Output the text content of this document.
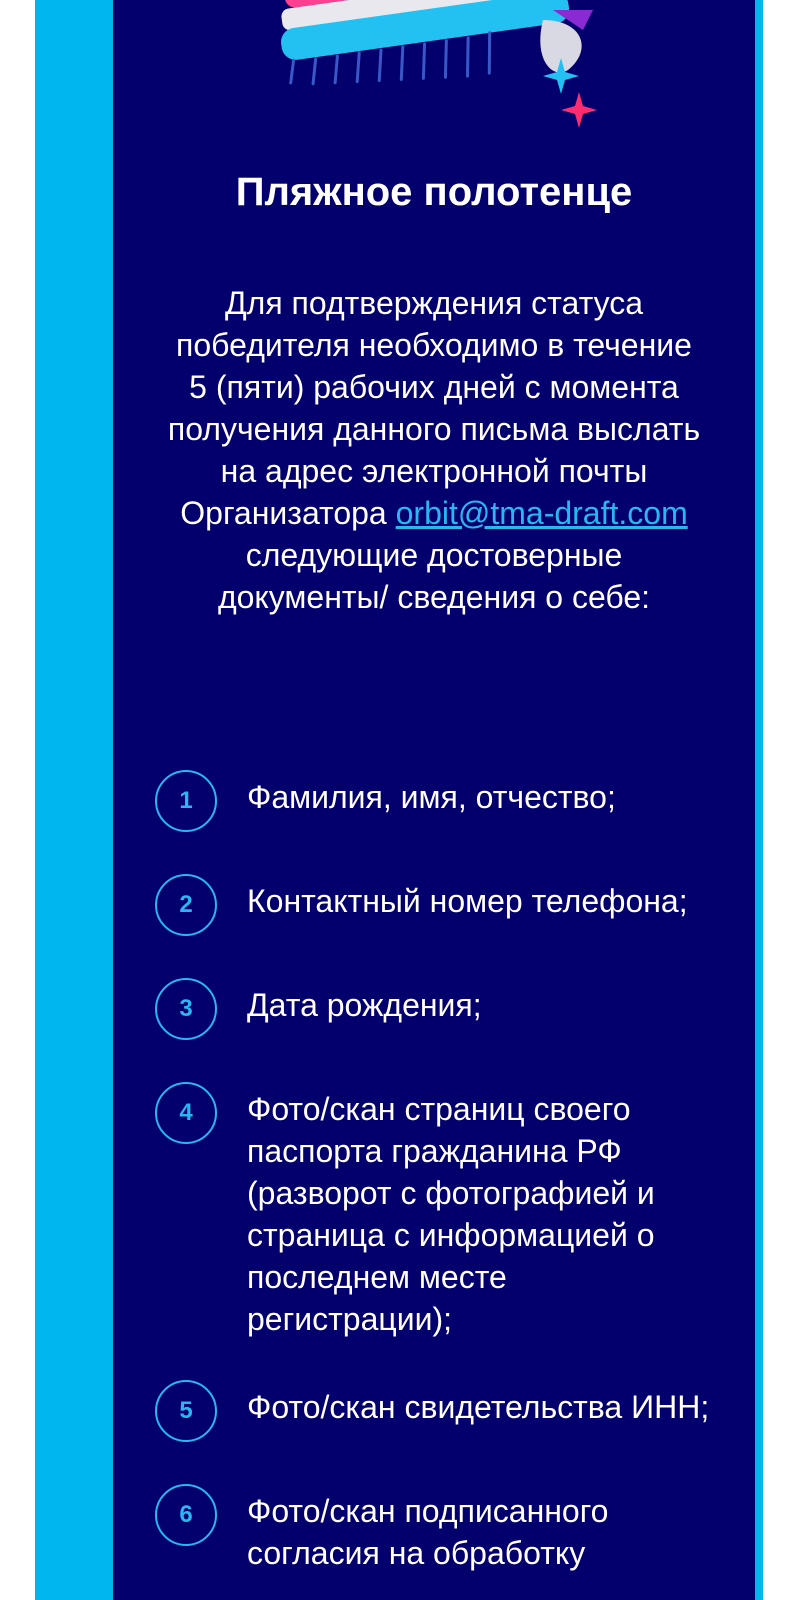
Пляжное полотенце

Для подтверждения статуса победителя необходимо в течение 5 (пяти) рабочих дней с момента получения данного письма выслать на адрес электронной почты Организатора orbit@tma-draft.com следующие достоверные документы/ сведения о себе:

1	Фамилия, имя, отчество;
2	Контактный номер телефона;
3	Дата рождения;
4	Фото/скан страниц своего паспорта гражданина РФ (разворот с фотографией и страница с информацией о последнем месте регистрации);
5	Фото/скан свидетельства ИНН;
6	Фото/скан подписанного согласия на обработку
